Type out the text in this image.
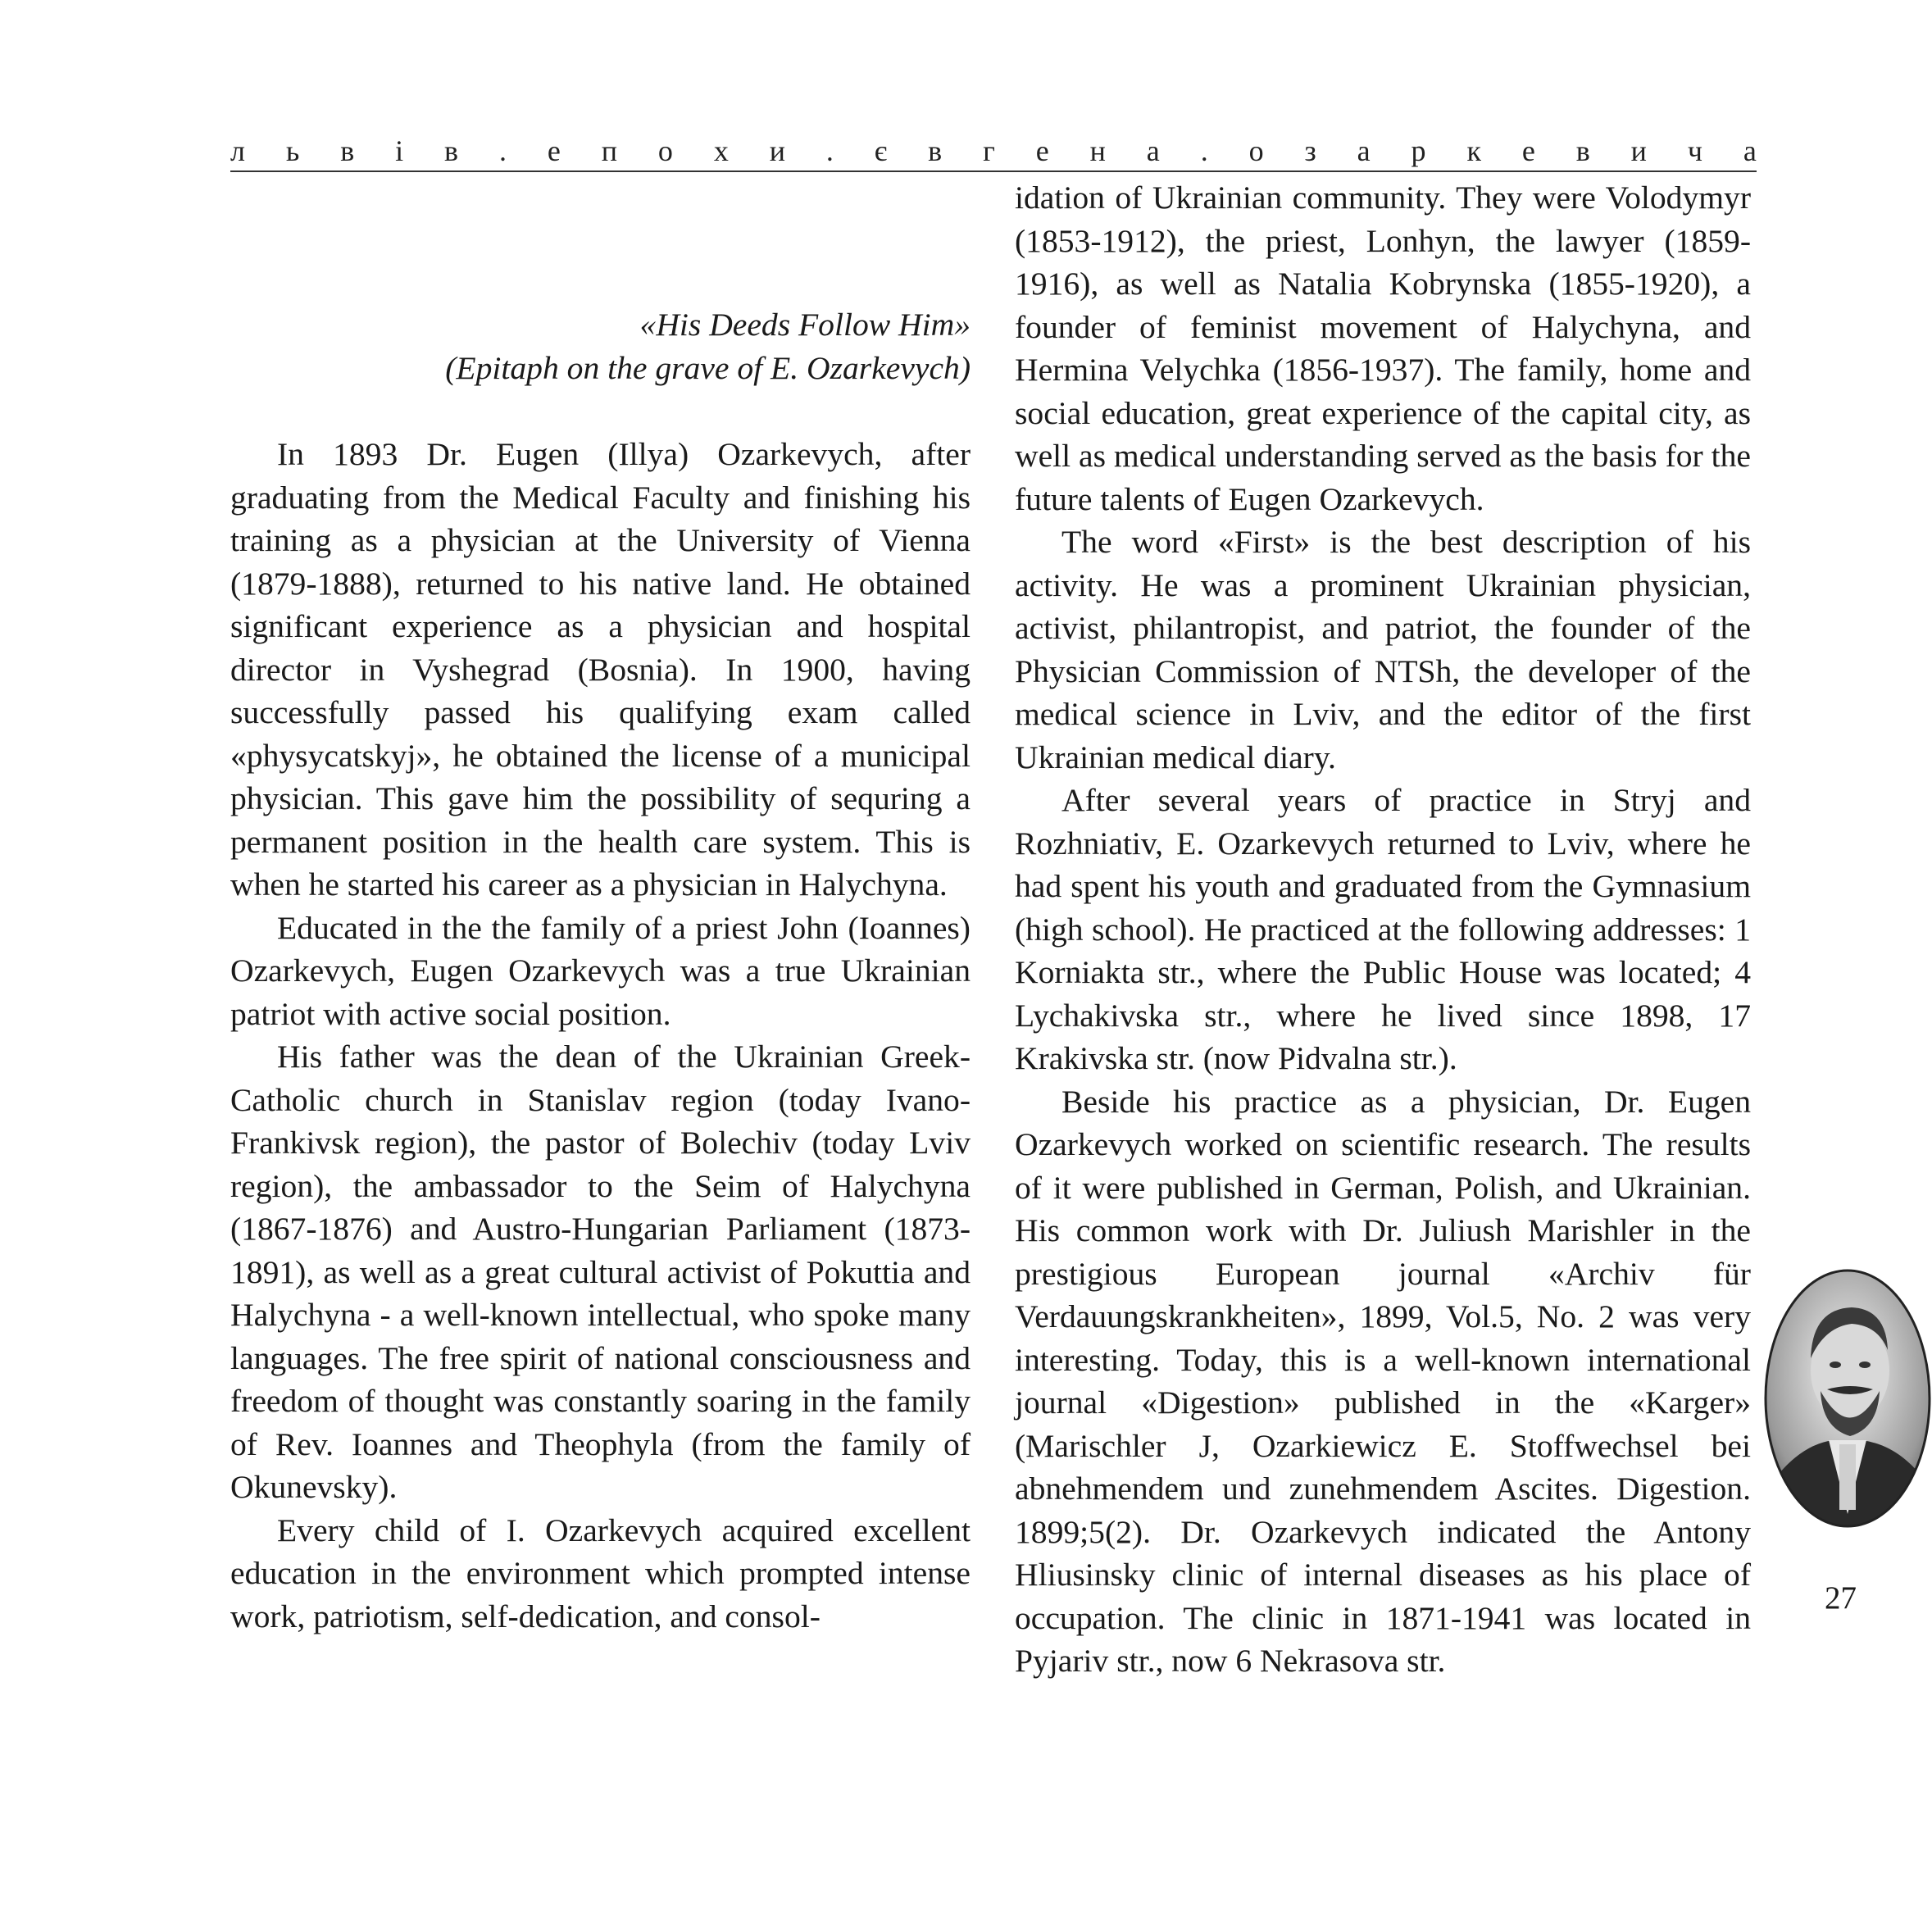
л ь в і в . е п о х и . є в г е н а . о з а р к е в и ч а
«His Deeds Follow Him»
(Epitaph on the grave of E. Ozarkevych)

In 1893 Dr. Eugen (Illya) Ozarkevych, after graduating from the Medical Faculty and finishing his training as a physician at the University of Vienna (1879-1888), returned to his native land. He obtained significant experience as a physician and hospital director in Vyshegrad (Bosnia). In 1900, having successfully passed his qualifying exam called «physycatskyj», he obtained the license of a municipal physician. This gave him the possibility of sequring a permanent position in the health care system. This is when he started his career as a physician in Halychyna.

Educated in the the family of a priest John (Ioannes) Ozarkevych, Eugen Ozarkevych was a true Ukrainian patriot with active social position.

His father was the dean of the Ukrainian Greek-Catholic church in Stanislav region (today Ivano-Frankivsk region), the pastor of Bolechiv (today Lviv region), the ambassador to the Seim of Halychyna (1867-1876) and Austro-Hungarian Parliament (1873-1891), as well as a great cultural activist of Pokuttia and Halychyna - a well-known intellectual, who spoke many languages. The free spirit of national consciousness and freedom of thought was constantly soaring in the family of Rev. Ioannes and Theophyla (from the family of Okunevsky).

Every child of I. Ozarkevych acquired excellent education in the environment which prompted intense work, patriotism, self-dedication, and consol-

idation of Ukrainian community. They were Volodymyr (1853-1912), the priest, Lonhyn, the lawyer (1859-1916), as well as Natalia Kobrynska (1855-1920), a founder of feminist movement of Halychyna, and Hermina Velychka (1856-1937). The family, home and social education, great experience of the capital city, as well as medical understanding served as the basis for the future talents of Eugen Ozarkevych.

The word «First» is the best description of his activity. He was a prominent Ukrainian physician, activist, philantropist, and patriot, the founder of the Physician Commission of NTSh, the developer of the medical science in Lviv, and the editor of the first Ukrainian medical diary.

After several years of practice in Stryj and Rozhniativ, E. Ozarkevych returned to Lviv, where he had spent his youth and graduated from the Gymnasium (high school). He practiced at the following addresses: 1 Korniakta str., where the Public House was located; 4 Lychakivska str., where he lived since 1898, 17 Krakivska str. (now Pidvalna str.).

Beside his practice as a physician, Dr. Eugen Ozarkevych worked on scientific research. The results of it were published in German, Polish, and Ukrainian. His common work with Dr. Juliush Marishler in the prestigious European journal «Archiv für Verdauungskrankheiten», 1899, Vol.5, No. 2 was very interesting. Today, this is a well-known international journal «Digestion» published in the «Karger» (Marischler J, Ozarkiewicz E. Stoffwechsel bei abnehmendem und zunehmendem Ascites. Digestion. 1899;5(2). Dr. Ozarkevych indicated the Antony Hliusinsky clinic of internal diseases as his place of occupation. The clinic in 1871-1941 was located in Pyjariv str., now 6 Nekrasova str.

27
